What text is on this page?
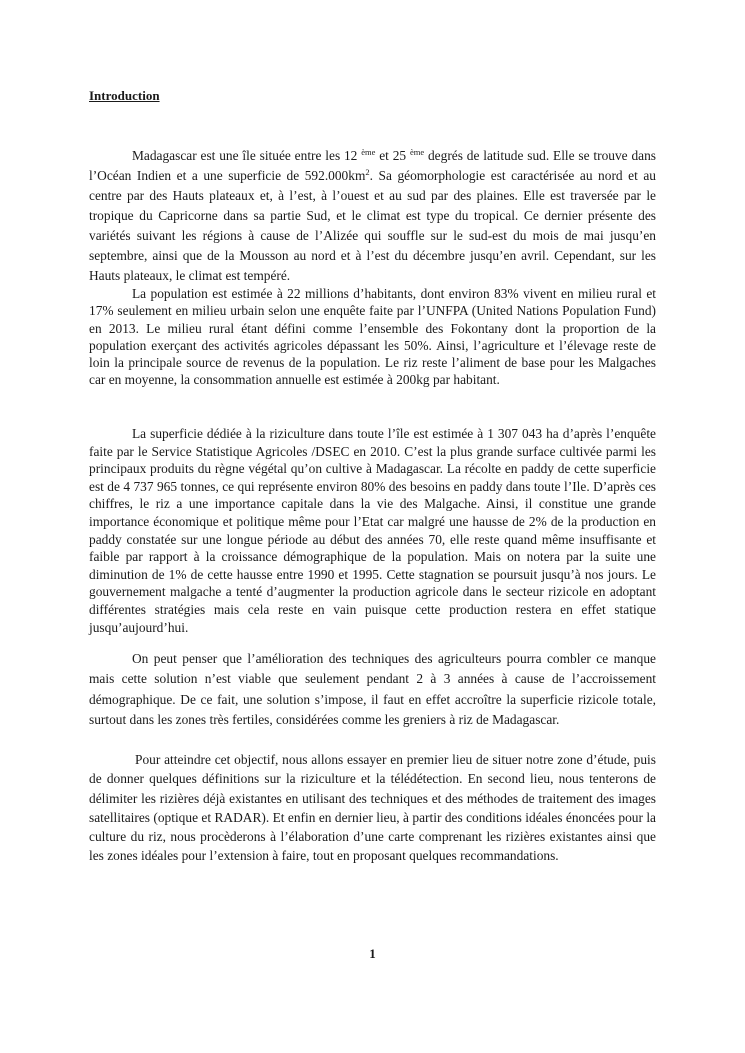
Introduction

Madagascar est une île située entre les 12 $^{ème}$ et 25 $^{ème}$ degrés de latitude sud. Elle se trouve dans l’Océan Indien et a une superficie de $592.000km^2$. Sa géomorphologie est caractérisée au nord et au centre par des Hauts plateaux et, à l’est, à l’ouest et au sud par des plaines. Elle est traversée par le tropique du Capricorne dans sa partie Sud, et le climat est type du tropical. Ce dernier présente des variétés suivant les régions à cause de l’Alizée qui souffle sur le sud-est du mois de mai jusqu’en septembre, ainsi que de la Mousson au nord et à l’est du décembre jusqu’en avril. Cependant, sur les Hauts plateaux, le climat est tempéré.

La population est estimée à 22 millions d’habitants, dont environ 83% vivent en milieu rural et 17% seulement en milieu urbain selon une enquête faite par l’UNFPA (United Nations Population Fund) en 2013. Le milieu rural étant défini comme l’ensemble des Fokontany dont la proportion de la population exerçant des activités agricoles dépassant les 50%. Ainsi, l’agriculture et l’élevage reste de loin la principale source de revenus de la population. Le riz reste l’aliment de base pour les Malgaches car en moyenne, la consommation annuelle est estimée à 200kg par habitant.

La superficie dédiée à la riziculture dans toute l’île est estimée à 1 307 043 ha d’après l’enquête faite par le Service Statistique Agricoles /DSEC en 2010. C’est la plus grande surface cultivée parmi les principaux produits du règne végétal qu’on cultive à Madagascar. La récolte en paddy de cette superficie est de 4 737 965 tonnes, ce qui représente environ 80% des besoins en paddy dans toute l’Ile. D’après ces chiffres, le riz a une importance capitale dans la vie des Malgache. Ainsi, il constitue une grande importance économique et politique même pour l’Etat car malgré une hausse de 2% de la production en paddy constatée sur une longue période au début des années 70, elle reste quand même insuffisante et faible par rapport à la croissance démographique de la population. Mais on notera par la suite une diminution de 1% de cette hausse entre 1990 et 1995. Cette stagnation se poursuit jusqu’à nos jours. Le gouvernement malgache a tenté d’augmenter la production agricole dans le secteur rizicole en adoptant différentes stratégies mais cela reste en vain puisque cette production restera en effet statique jusqu’aujourd’hui.

On peut penser que l’amélioration des techniques des agriculteurs pourra combler ce manque mais cette solution n’est viable que seulement pendant 2 à 3 années à cause de l’accroissement démographique. De ce fait, une solution s’impose, il faut en effet accroître la superficie rizicole totale, surtout dans les zones très fertiles, considérées comme les greniers à riz de Madagascar.

Pour atteindre cet objectif, nous allons essayer en premier lieu de situer notre zone d’étude, puis de donner quelques définitions sur la riziculture et la télédétection. En second lieu, nous tenterons de délimiter les rizières déjà existantes en utilisant des techniques et des méthodes de traitement des images satellitaires (optique et RADAR). Et enfin en dernier lieu, à partir des conditions idéales énoncées pour la culture du riz, nous procèderons à l’élaboration d’une carte comprenant les rizières existantes ainsi que les zones idéales pour l’extension à faire, tout en proposant quelques recommandations.

1
